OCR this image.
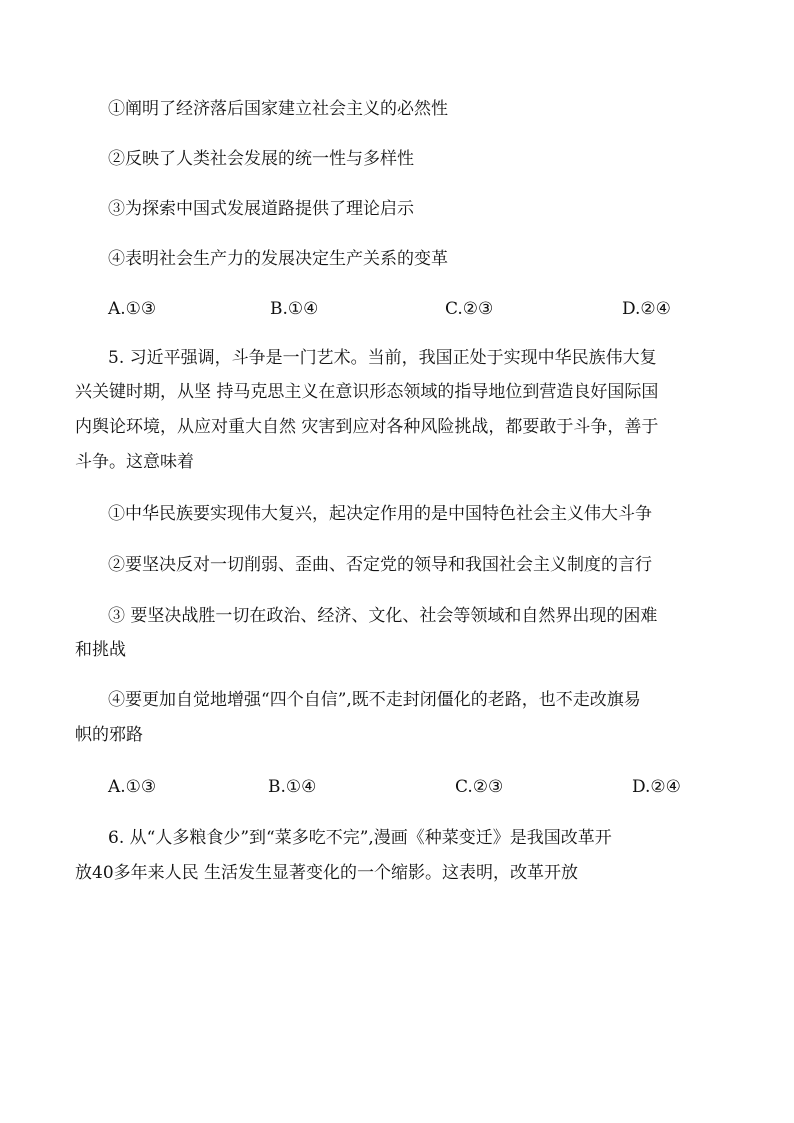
①阐明了经济落后国家建立社会主义的必然性
②反映了人类社会发展的统一性与多样性
③为探索中国式发展道路提供了理论启示
④表明社会生产力的发展决定生产关系的变革
A.①③	B.①④	C.②③	D.②④
5. 习近平强调，斗争是一门艺术。当前，我国正处于实现中华民族伟大复
兴关键时期，从坚 持马克思主义在意识形态领域的指导地位到营造良好国际国
内舆论环境，从应对重大自然 灾害到应对各种风险挑战，都要敢于斗争，善于
斗争。这意味着
①中华民族要实现伟大复兴，起决定作用的是中国特色社会主义伟大斗争
②要坚决反对一切削弱、歪曲、否定党的领导和我国社会主义制度的言行
③ 要坚决战胜一切在政治、经济、文化、社会等领域和自然界出现的困难
和挑战
④要更加自觉地增强“四个自信”,既不走封闭僵化的老路，也不走改旗易
帜的邪路
A.①③	B.①④	C.②③	D.②④
6. 从“人多粮食少”到“菜多吃不完”,漫画《种菜变迁》是我国改革开
放40多年来人民 生活发生显著变化的一个缩影。这表明，改革开放
